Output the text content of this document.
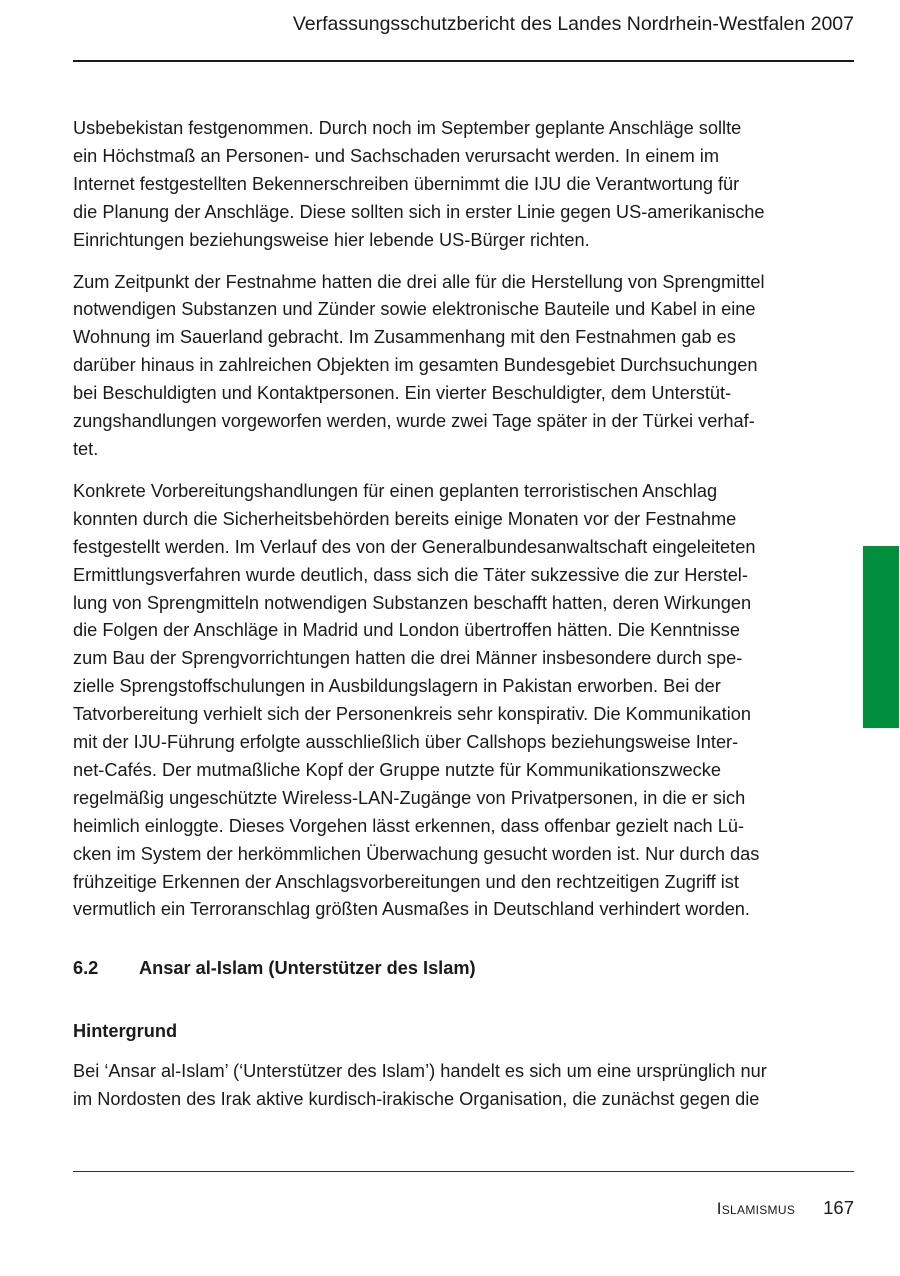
Verfassungsschutzbericht des Landes Nordrhein-Westfalen 2007

Usbebekistan festgenommen. Durch noch im September geplante Anschläge sollte
ein Höchstmaß an Personen- und Sachschaden verursacht werden. In einem im
Internet festgestellten Bekennerschreiben übernimmt die IJU die Verantwortung für
die Planung der Anschläge. Diese sollten sich in erster Linie gegen US-amerikanische
Einrichtungen beziehungsweise hier lebende US-Bürger richten.

Zum Zeitpunkt der Festnahme hatten die drei alle für die Herstellung von Sprengmittel
notwendigen Substanzen und Zünder sowie elektronische Bauteile und Kabel in eine
Wohnung im Sauerland gebracht. Im Zusammenhang mit den Festnahmen gab es
darüber hinaus in zahlreichen Objekten im gesamten Bundesgebiet Durchsuchungen
bei Beschuldigten und Kontaktpersonen. Ein vierter Beschuldigter, dem Unterstüt-
zungshandlungen vorgeworfen werden, wurde zwei Tage später in der Türkei verhaf-
tet.

Konkrete Vorbereitungshandlungen für einen geplanten terroristischen Anschlag
konnten durch die Sicherheitsbehörden bereits einige Monaten vor der Festnahme
festgestellt werden. Im Verlauf des von der Generalbundesanwaltschaft eingeleiteten
Ermittlungsverfahren wurde deutlich, dass sich die Täter sukzessive die zur Herstel-
lung von Sprengmitteln notwendigen Substanzen beschafft hatten, deren Wirkungen
die Folgen der Anschläge in Madrid und London übertroffen hätten. Die Kenntnisse
zum Bau der Sprengvorrichtungen hatten die drei Männer insbesondere durch spe-
zielle Sprengstoffschulungen in Ausbildungslagern in Pakistan erworben. Bei der
Tatvorbereitung verhielt sich der Personenkreis sehr konspirativ. Die Kommunikation
mit der IJU-Führung erfolgte ausschließlich über Callshops beziehungsweise Inter-
net-Cafés. Der mutmaßliche Kopf der Gruppe nutzte für Kommunikationszwecke
regelmäßig ungeschützte Wireless-LAN-Zugänge von Privatpersonen, in die er sich
heimlich einloggte. Dieses Vorgehen lässt erkennen, dass offenbar gezielt nach Lü-
cken im System der herkömmlichen Überwachung gesucht worden ist. Nur durch das
frühzeitige Erkennen der Anschlagsvorbereitungen und den rechtzeitigen Zugriff ist
vermutlich ein Terroranschlag größten Ausmaßes in Deutschland verhindert worden.

6.2 Ansar al-Islam (Unterstützer des Islam)
Hintergrund

Bei ‘Ansar al-Islam’ (‘Unterstützer des Islam’) handelt es sich um eine ursprünglich nur
im Nordosten des Irak aktive kurdisch-irakische Organisation, die zunächst gegen die

Islamismus 167
